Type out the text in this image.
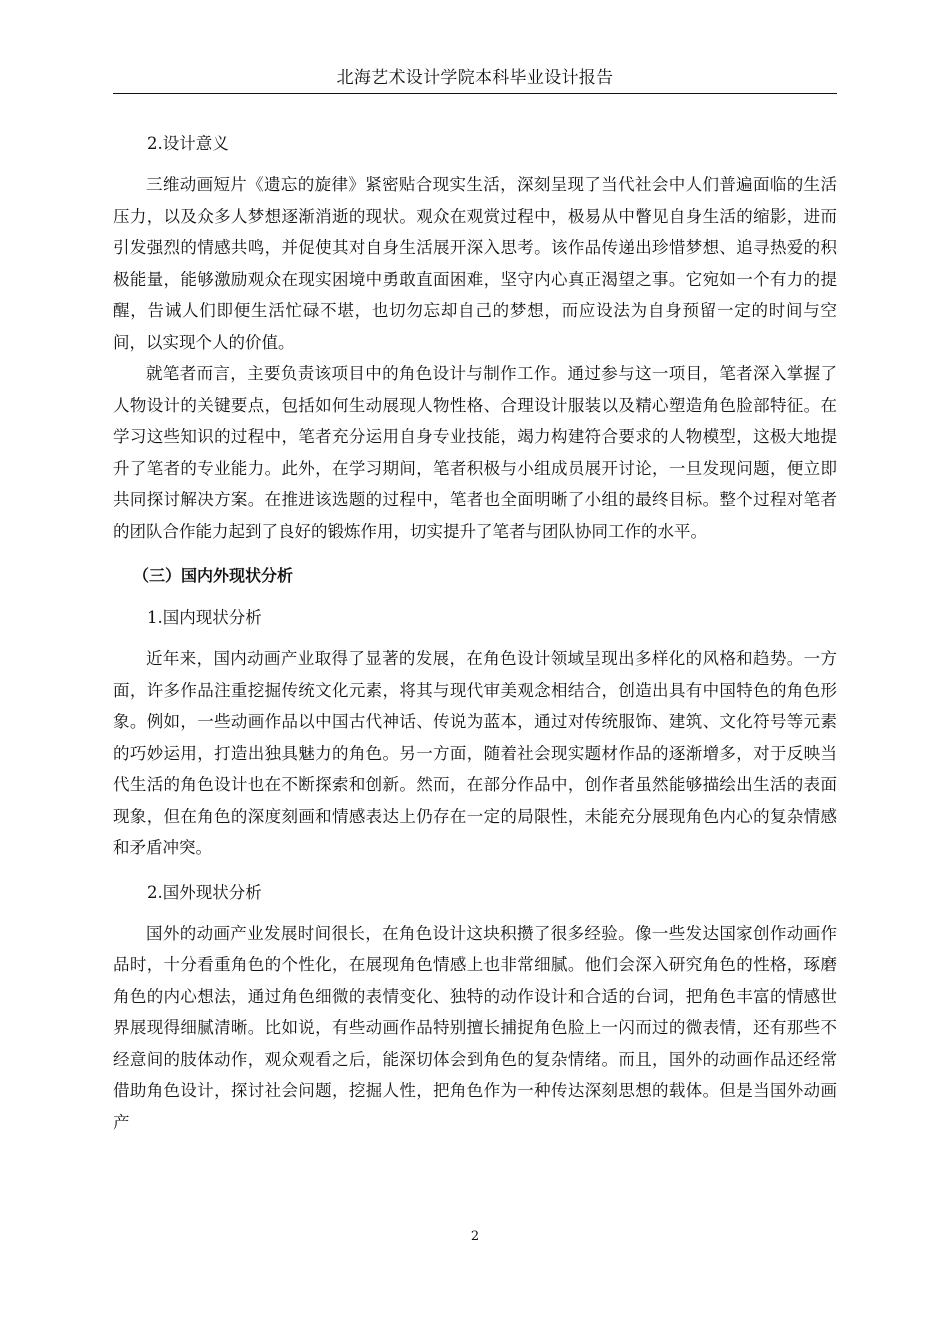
北海艺术设计学院本科毕业设计报告

2.设计意义

三维动画短片《遗忘的旋律》紧密贴合现实生活，深刻呈现了当代社会中人们普遍面临的生活压力，以及众多人梦想逐渐消逝的现状。观众在观赏过程中，极易从中瞥见自身生活的缩影，进而引发强烈的情感共鸣，并促使其对自身生活展开深入思考。该作品传递出珍惜梦想、追寻热爱的积极能量，能够激励观众在现实困境中勇敢直面困难，坚守内心真正渴望之事。它宛如一个有力的提醒，告诫人们即便生活忙碌不堪，也切勿忘却自己的梦想，而应设法为自身预留一定的时间与空间，以实现个人的价值。

就笔者而言，主要负责该项目中的角色设计与制作工作。通过参与这一项目，笔者深入掌握了人物设计的关键要点，包括如何生动展现人物性格、合理设计服装以及精心塑造角色脸部特征。在学习这些知识的过程中，笔者充分运用自身专业技能，竭力构建符合要求的人物模型，这极大地提升了笔者的专业能力。此外，在学习期间，笔者积极与小组成员展开讨论，一旦发现问题，便立即共同探讨解决方案。在推进该选题的过程中，笔者也全面明晰了小组的最终目标。整个过程对笔者的团队合作能力起到了良好的锻炼作用，切实提升了笔者与团队协同工作的水平。

（三）国内外现状分析

1.国内现状分析

近年来，国内动画产业取得了显著的发展，在角色设计领域呈现出多样化的风格和趋势。一方面，许多作品注重挖掘传统文化元素，将其与现代审美观念相结合，创造出具有中国特色的角色形象。例如，一些动画作品以中国古代神话、传说为蓝本，通过对传统服饰、建筑、文化符号等元素的巧妙运用，打造出独具魅力的角色。另一方面，随着社会现实题材作品的逐渐增多，对于反映当代生活的角色设计也在不断探索和创新。然而，在部分作品中，创作者虽然能够描绘出生活的表面现象，但在角色的深度刻画和情感表达上仍存在一定的局限性，未能充分展现角色内心的复杂情感和矛盾冲突。

2.国外现状分析

国外的动画产业发展时间很长，在角色设计这块积攒了很多经验。像一些发达国家创作动画作品时，十分看重角色的个性化，在展现角色情感上也非常细腻。他们会深入研究角色的性格，琢磨角色的内心想法，通过角色细微的表情变化、独特的动作设计和合适的台词，把角色丰富的情感世界展现得细腻清晰。比如说，有些动画作品特别擅长捕捉角色脸上一闪而过的微表情，还有那些不经意间的肢体动作，观众观看之后，能深切体会到角色的复杂情绪。而且，国外的动画作品还经常借助角色设计，探讨社会问题，挖掘人性，把角色作为一种传达深刻思想的载体。但是当国外动画产

2
